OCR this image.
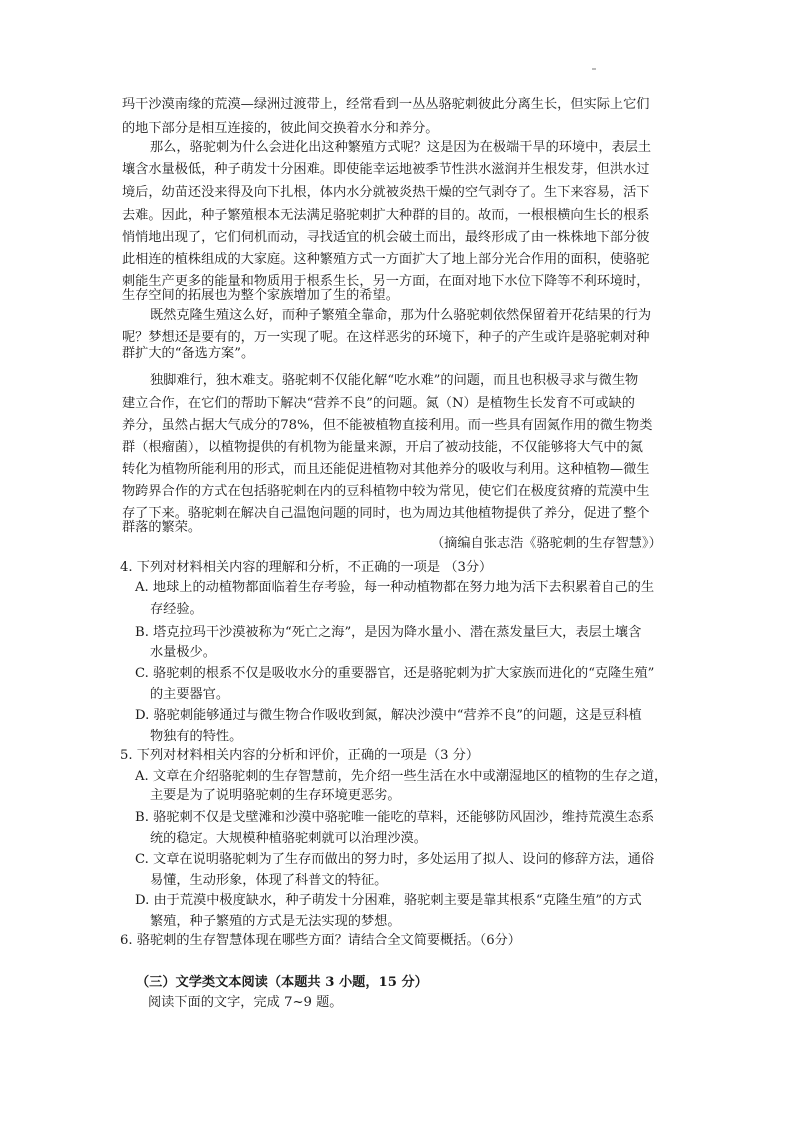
玛干沙漠南缘的荒漠—绿洲过渡带上，经常看到一丛丛骆驼刺彼此分离生长，但实际上它们
的地下部分是相互连接的，彼此间交换着水分和养分。
那么，骆驼刺为什么会进化出这种繁殖方式呢？这是因为在极端干旱的环境中，表层土
壤含水量极低，种子萌发十分困难。即使能幸运地被季节性洪水滋润并生根发芽，但洪水过
境后，幼苗还没来得及向下扎根，体内水分就被炎热干燥的空气剥夺了。生下来容易，活下
去难。因此，种子繁殖根本无法满足骆驼刺扩大种群的目的。故而，一根根横向生长的根系
悄悄地出现了，它们伺机而动，寻找适宜的机会破土而出，最终形成了由一株株地下部分彼
此相连的植株组成的大家庭。这种繁殖方式一方面扩大了地上部分光合作用的面积，使骆驼
刺能生产更多的能量和物质用于根系生长，另一方面，在面对地下水位下降等不利环境时，
生存空间的拓展也为整个家族增加了生的希望。
既然克隆生殖这么好，而种子繁殖全靠命，那为什么骆驼刺依然保留着开花结果的行为
呢？梦想还是要有的，万一实现了呢。在这样恶劣的环境下，种子的产生或许是骆驼刺对种
群扩大的“备选方案”。
独脚难行，独木难支。骆驼刺不仅能化解“吃水难”的问题，而且也积极寻求与微生物
建立合作，在它们的帮助下解决“营养不良”的问题。氮（N）是植物生长发育不可或缺的
养分，虽然占据大气成分的78%，但不能被植物直接利用。而一些具有固氮作用的微生物类
群（根瘤菌），以植物提供的有机物为能量来源，开启了被动技能，不仅能够将大气中的氮
转化为植物所能利用的形式，而且还能促进植物对其他养分的吸收与利用。这种植物—微生
物跨界合作的方式在包括骆驼刺在内的豆科植物中较为常见，使它们在极度贫瘠的荒漠中生
存了下来。骆驼刺在解决自己温饱问题的同时，也为周边其他植物提供了养分，促进了整个
群落的繁荣。
（摘编自张志浩《骆驼刺的生存智慧》）
4. 下列对材料相关内容的理解和分析，不正确的一项是 （3分）
A. 地球上的动植物都面临着生存考验，每一种动植物都在努力地为活下去积累着自己的生
存经验。
B. 塔克拉玛干沙漠被称为“死亡之海”，是因为降水量小、潜在蒸发量巨大，表层土壤含
水量极少。
C. 骆驼刺的根系不仅是吸收水分的重要器官，还是骆驼刺为扩大家族而进化的“克隆生殖”
的主要器官。
D. 骆驼刺能够通过与微生物合作吸收到氮，解决沙漠中“营养不良”的问题，这是豆科植
物独有的特性。
5. 下列对材料相关内容的分析和评价，正确的一项是（3 分）
A. 文章在介绍骆驼刺的生存智慧前，先介绍一些生活在水中或潮湿地区的植物的生存之道，
主要是为了说明骆驼刺的生存环境更恶劣。
B. 骆驼刺不仅是戈壁滩和沙漠中骆驼唯一能吃的草料，还能够防风固沙，维持荒漠生态系
统的稳定。大规模种植骆驼刺就可以治理沙漠。
C. 文章在说明骆驼刺为了生存而做出的努力时，多处运用了拟人、设问的修辞方法，通俗
易懂，生动形象，体现了科普文的特征。
D. 由于荒漠中极度缺水，种子萌发十分困难，骆驼刺主要是靠其根系“克隆生殖”的方式
繁殖，种子繁殖的方式是无法实现的梦想。
6. 骆驼刺的生存智慧体现在哪些方面？请结合全文简要概括。（6分）
（三）文学类文本阅读（本题共 3 小题，15 分）
阅读下面的文字，完成 7~9 题。
